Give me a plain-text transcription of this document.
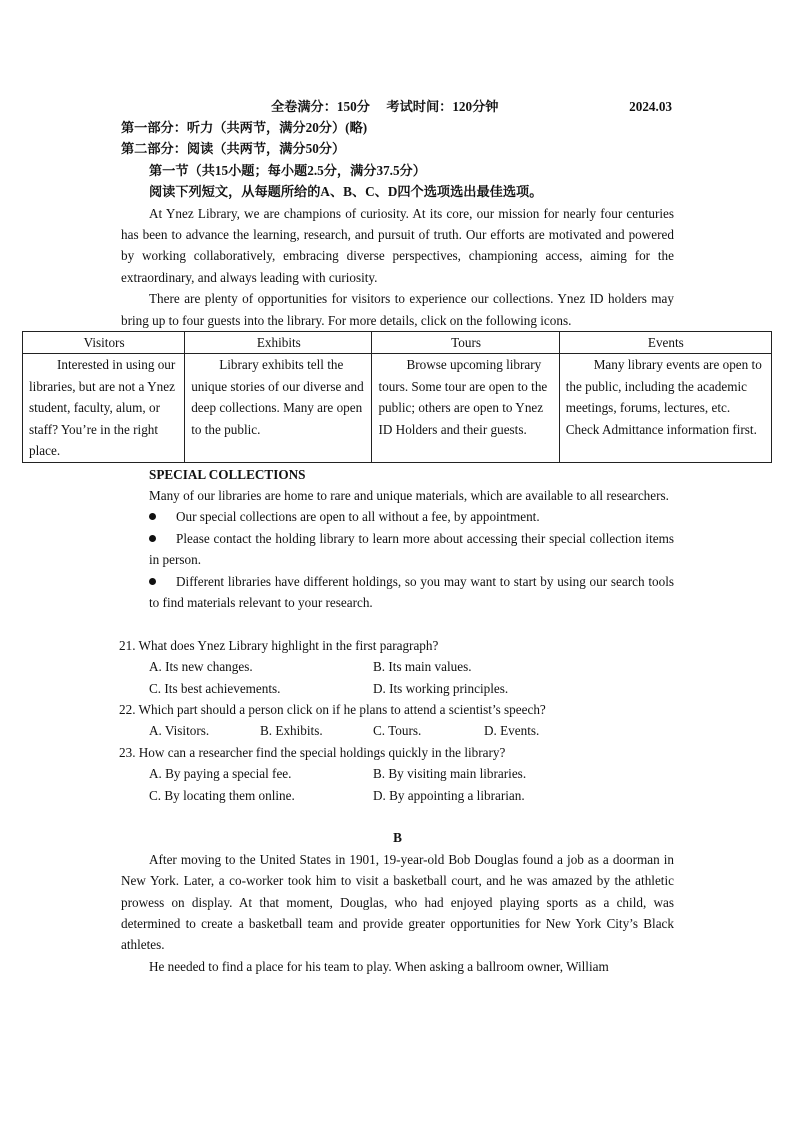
全卷满分：150分　 考试时间：120分钟	2024.03
第一部分：听力（共两节，满分20分）(略)
第二部分：阅读（共两节，满分50分）
第一节（共15小题；每小题2.5分，满分37.5分）
阅读下列短文，从每题所给的A、B、C、D四个选项选出最佳选项。

At Ynez Library, we are champions of curiosity. At its core, our mission for nearly four centuries has been to advance the learning, research, and pursuit of truth. Our efforts are motivated and powered by working collaboratively, embracing diverse perspectives, championing access, aiming for the extraordinary, and always leading with curiosity.

There are plenty of opportunities for visitors to experience our collections. Ynez ID holders may bring up to four guests into the library. For more details, click on the following icons.

Visitors	Exhibits	Tours	Events
Interested in using our libraries, but are not a Ynez student, faculty, alum, or staff? You’re in the right place.	Library exhibits tell the unique stories of our diverse and deep collections. Many are open to the public.	Browse upcoming library tours. Some tour are open to the public; others are open to Ynez ID Holders and their guests.	Many library events are open to the public, including the academic meetings, forums, lectures, etc. Check Admittance information first.
SPECIAL COLLECTIONS

Many of our libraries are home to rare and unique materials, which are available to all researchers.

Our special collections are open to all without a fee, by appointment.
Please contact the holding library to learn more about accessing their special collection items in person.
Different libraries have different holdings, so you may want to start by using our search tools to find materials relevant to your research.
21. What does Ynez Library highlight in the first paragraph?
A. Its new changes.	B. Its main values.
C. Its best achievements.	D. Its working principles.
22. Which part should a person click on if he plans to attend a scientist’s speech?
A. Visitors.	B. Exhibits.	C. Tours.	D. Events.
23. How can a researcher find the special holdings quickly in the library?
A. By paying a special fee.	B. By visiting main libraries.
C. By locating them online.	D. By appointing a librarian.
B

After moving to the United States in 1901, 19-year-old Bob Douglas found a job as a doorman in New York. Later, a co-worker took him to visit a basketball court, and he was amazed by the athletic prowess on display. At that moment, Douglas, who had enjoyed playing sports as a child, was determined to create a basketball team and provide greater opportunities for New York City’s Black athletes.

He needed to find a place for his team to play. When asking a ballroom owner, William
